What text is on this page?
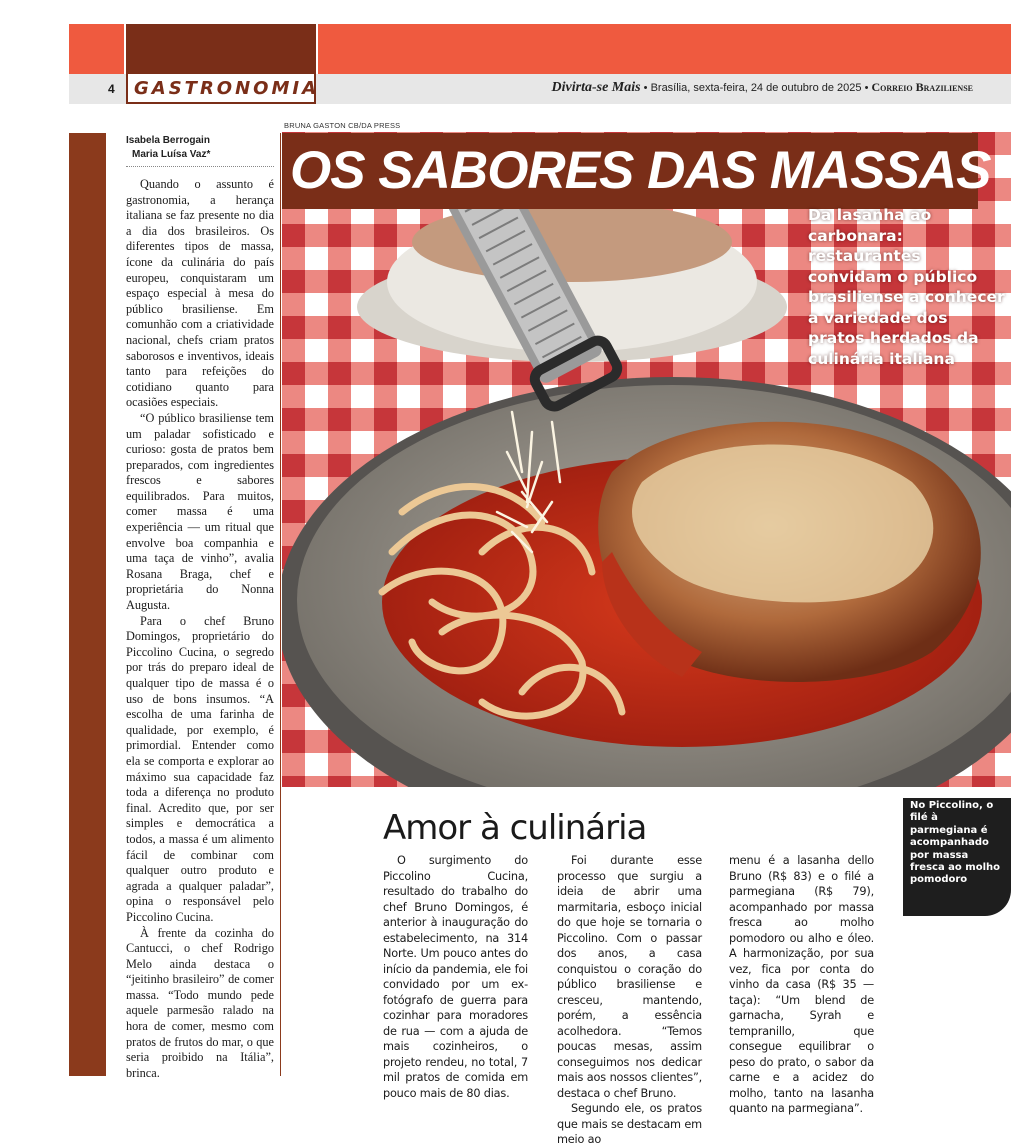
GASTRONOMIA
4	Divirta-se Mais • Brasília, sexta-feira, 24 de outubro de 2025 • Correio Braziliense
Isabela Berrogain
Maria Luísa Vaz*

Quando o assunto é gastronomia, a herança italiana se faz presente no dia a dia dos brasileiros. Os diferentes tipos de massa, ícone da culinária do país europeu, conquistaram um espaço especial à mesa do público brasiliense. Em comunhão com a criatividade nacional, chefs criam pratos saborosos e inventivos, ideais tanto para refeições do cotidiano quanto para ocasiões especiais.

“O público brasiliense tem um paladar sofisticado e curioso: gosta de pratos bem preparados, com ingredientes frescos e sabores equilibrados. Para muitos, comer massa é uma experiência — um ritual que envolve boa companhia e uma taça de vinho”, avalia Rosana Braga, chef e proprietária do Nonna Augusta.

Para o chef Bruno Domingos, proprietário do Piccolino Cucina, o segredo por trás do preparo ideal de qualquer tipo de massa é o uso de bons insumos. “A escolha de uma farinha de qualidade, por exemplo, é primordial. Entender como ela se comporta e explorar ao máximo sua capacidade faz toda a diferença no produto final. Acredito que, por ser simples e democrática a todos, a massa é um alimento fácil de combinar com qualquer outro produto e agrada a qualquer paladar”, opina o responsável pelo Piccolino Cucina.

À frente da cozinha do Cantucci, o chef Rodrigo Melo ainda destaca o “jeitinho brasileiro” de comer massa. “Todo mundo pede aquele parmesão ralado na hora de comer, mesmo com pratos de frutos do mar, o que seria proibido na Itália”, brinca.

BRUNA GASTON CB/DA PRESS
OS SABORES DAS MASSAS
Da lasanha ao carbonara: restaurantes convidam o público brasiliense a conhecer a variedade dos pratos herdados da culinária italiana
No Piccolino, o filé à parmegiana é acompanhado por massa fresca ao molho pomodoro
Amor à culinária

O surgimento do Piccolino Cucina, resultado do trabalho do chef Bruno Domingos, é anterior à inauguração do estabelecimento, na 314 Norte. Um pouco antes do início da pandemia, ele foi convidado por um ex-fotógrafo de guerra para cozinhar para moradores de rua — com a ajuda de mais cozinheiros, o projeto rendeu, no total, 7 mil pratos de comida em pouco mais de 80 dias.

Foi durante esse processo que surgiu a ideia de abrir uma marmitaria, esboço inicial do que hoje se tornaria o Piccolino. Com o passar dos anos, a casa conquistou o coração do público brasiliense e cresceu, mantendo, porém, a essência acolhedora. “Temos poucas mesas, assim conseguimos nos dedicar mais aos nossos clientes”, destaca o chef Bruno.

Segundo ele, os pratos que mais se destacam em meio ao

menu é a lasanha dello Bruno (R$ 83) e o filé a parmegiana (R$ 79), acompanhado por massa fresca ao molho pomodoro ou alho e óleo. A harmonização, por sua vez, fica por conta do vinho da casa (R$ 35 — taça): “Um blend de garnacha, Syrah e tempranillo, que consegue equilibrar o peso do prato, o sabor da carne e a acidez do molho, tanto na lasanha quanto na parmegiana”.
